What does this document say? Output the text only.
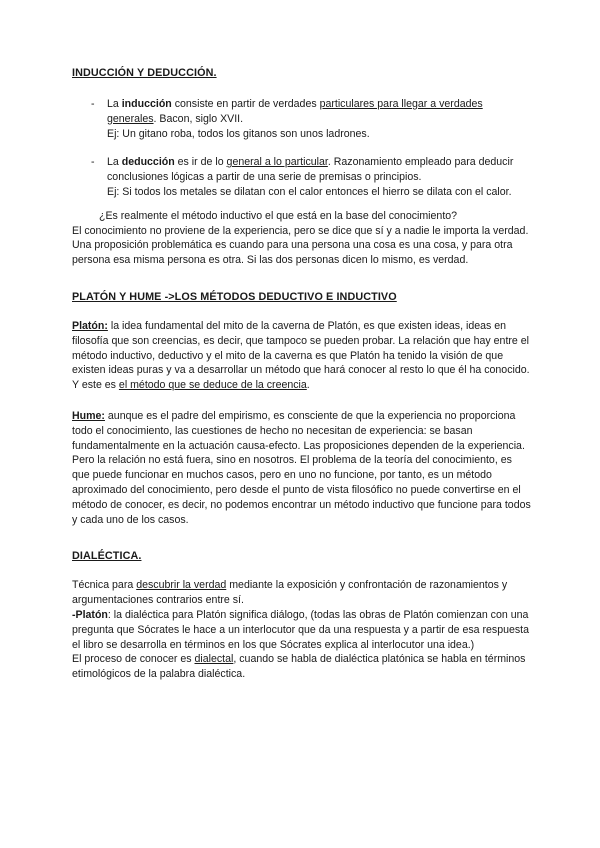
INDUCCIÓN Y DEDUCCIÓN.
- La inducción consiste en partir de verdades particulares para llegar a verdades generales. Bacon, siglo XVII.

Ej: Un gitano roba, todos los gitanos son unos ladrones.

- La deducción es ir de lo general a lo particular. Razonamiento empleado para deducir conclusiones lógicas a partir de una serie de premisas o principios.

Ej: Si todos los metales se dilatan con el calor entonces el hierro se dilata con el calor.

¿Es realmente el método inductivo el que está en la base del conocimiento?

El conocimiento no proviene de la experiencia, pero se dice que sí y a nadie le importa la verdad. Una proposición problemática es cuando para una persona una cosa es una cosa, y para otra persona esa misma persona es otra. Si las dos personas dicen lo mismo, es verdad.

PLATÓN Y HUME ->LOS MÉTODOS DEDUCTIVO E INDUCTIVO

Platón: la idea fundamental del mito de la caverna de Platón, es que existen ideas, ideas en filosofía que son creencias, es decir, que tampoco se pueden probar. La relación que hay entre el método inductivo, deductivo y el mito de la caverna es que Platón ha tenido la visión de que existen ideas puras y va a desarrollar un método que hará conocer al resto lo que él ha conocido. Y este es el método que se deduce de la creencia.

Hume: aunque es el padre del empirismo, es consciente de que la experiencia no proporciona todo el conocimiento, las cuestiones de hecho no necesitan de experiencia: se basan fundamentalmente en la actuación causa-efecto. Las proposiciones dependen de la experiencia. Pero la relación no está fuera, sino en nosotros. El problema de la teoría del conocimiento, es que puede funcionar en muchos casos, pero en uno no funcione, por tanto, es un método aproximado del conocimiento, pero desde el punto de vista filosófico no puede convertirse en el método de conocer, es decir, no podemos encontrar un método inductivo que funcione para todos y cada uno de los casos.

DIALÉCTICA.

Técnica para descubrir la verdad mediante la exposición y confrontación de razonamientos y argumentaciones contrarios entre sí.

-Platón: la dialéctica para Platón significa diálogo, (todas las obras de Platón comienzan con una pregunta que Sócrates le hace a un interlocutor que da una respuesta y a partir de esa respuesta el libro se desarrolla en términos en los que Sócrates explica al interlocutor una idea.)

El proceso de conocer es dialectal, cuando se habla de dialéctica platónica se habla en términos etimológicos de la palabra dialéctica.
